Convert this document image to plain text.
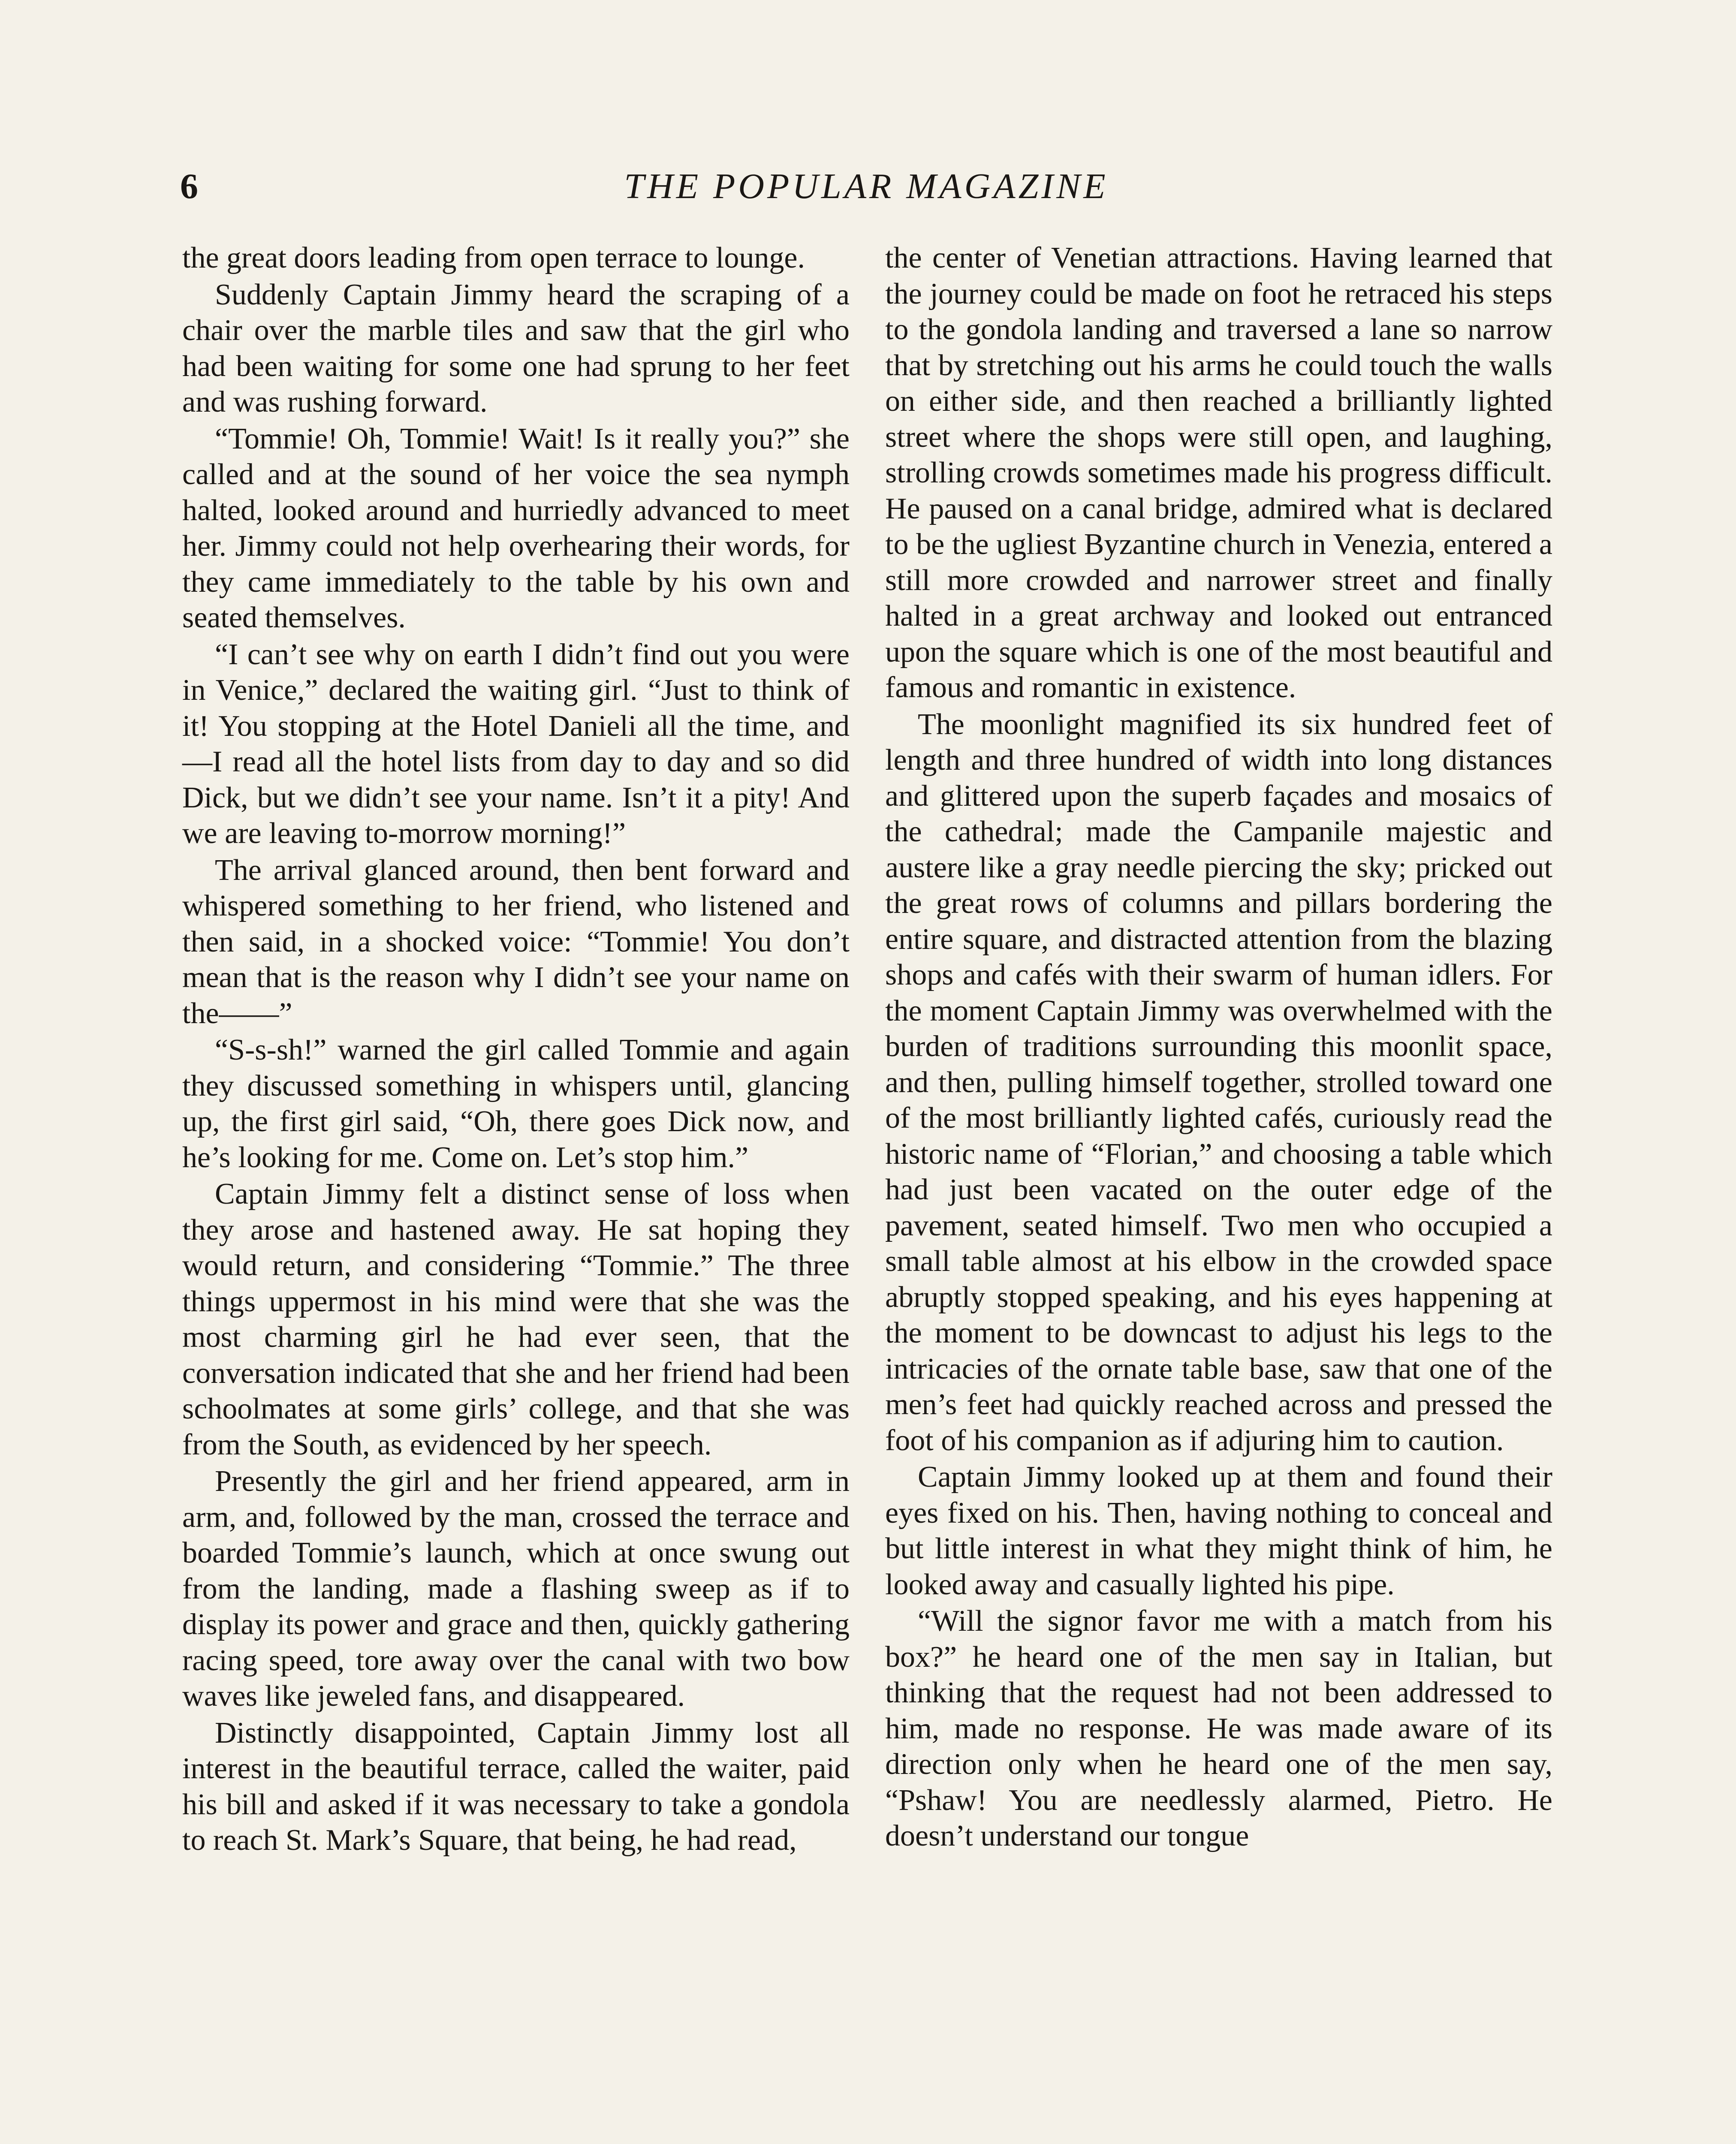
6	THE POPULAR MAGAZINE

the great doors leading from open terrace to lounge.

Suddenly Captain Jimmy heard the scraping of a chair over the marble tiles and saw that the girl who had been waiting for some one had sprung to her feet and was rushing forward.

“Tommie! Oh, Tommie! Wait! Is it really you?” she called and at the sound of her voice the sea nymph halted, looked around and hurriedly advanced to meet her. Jimmy could not help overhearing their words, for they came immediately to the table by his own and seated themselves.

“I can’t see why on earth I didn’t find out you were in Venice,” declared the waiting girl. “Just to think of it! You stopping at the Hotel Danieli all the time, and —I read all the hotel lists from day to day and so did Dick, but we didn’t see your name. Isn’t it a pity! And we are leaving to-morrow morning!”

The arrival glanced around, then bent forward and whispered something to her friend, who listened and then said, in a shocked voice: “Tommie! You don’t mean that is the reason why I didn’t see your name on the——”

“S-s-sh!” warned the girl called Tommie and again they discussed something in whispers until, glancing up, the first girl said, “Oh, there goes Dick now, and he’s looking for me. Come on. Let’s stop him.”

Captain Jimmy felt a distinct sense of loss when they arose and hastened away. He sat hoping they would return, and considering “Tommie.” The three things uppermost in his mind were that she was the most charming girl he had ever seen, that the conversation indicated that she and her friend had been schoolmates at some girls’ college, and that she was from the South, as evidenced by her speech.

Presently the girl and her friend appeared, arm in arm, and, followed by the man, crossed the terrace and boarded Tommie’s launch, which at once swung out from the landing, made a flashing sweep as if to display its power and grace and then, quickly gathering racing speed, tore away over the canal with two bow waves like jeweled fans, and disappeared.

Distinctly disappointed, Captain Jimmy lost all interest in the beautiful terrace, called the waiter, paid his bill and asked if it was necessary to take a gondola to reach St. Mark’s Square, that being, he had read,

the center of Venetian attractions. Having learned that the journey could be made on foot he retraced his steps to the gondola landing and traversed a lane so narrow that by stretching out his arms he could touch the walls on either side, and then reached a brilliantly lighted street where the shops were still open, and laughing, strolling crowds sometimes made his progress difficult. He paused on a canal bridge, admired what is declared to be the ugliest Byzantine church in Venezia, entered a still more crowded and narrower street and finally halted in a great archway and looked out entranced upon the square which is one of the most beautiful and famous and romantic in existence.

The moonlight magnified its six hundred feet of length and three hundred of width into long distances and glittered upon the superb façades and mosaics of the cathedral; made the Campanile majestic and austere like a gray needle piercing the sky; pricked out the great rows of columns and pillars bordering the entire square, and distracted attention from the blazing shops and cafés with their swarm of human idlers. For the moment Captain Jimmy was overwhelmed with the burden of traditions surrounding this moonlit space, and then, pulling himself together, strolled toward one of the most brilliantly lighted cafés, curiously read the historic name of “Florian,” and choosing a table which had just been vacated on the outer edge of the pavement, seated himself. Two men who occupied a small table almost at his elbow in the crowded space abruptly stopped speaking, and his eyes happening at the moment to be downcast to adjust his legs to the intricacies of the ornate table base, saw that one of the men’s feet had quickly reached across and pressed the foot of his companion as if adjuring him to caution.

Captain Jimmy looked up at them and found their eyes fixed on his. Then, having nothing to conceal and but little interest in what they might think of him, he looked away and casually lighted his pipe.

“Will the signor favor me with a match from his box?” he heard one of the men say in Italian, but thinking that the request had not been addressed to him, made no response. He was made aware of its direction only when he heard one of the men say, “Pshaw! You are needlessly alarmed, Pietro. He doesn’t understand our tongue
